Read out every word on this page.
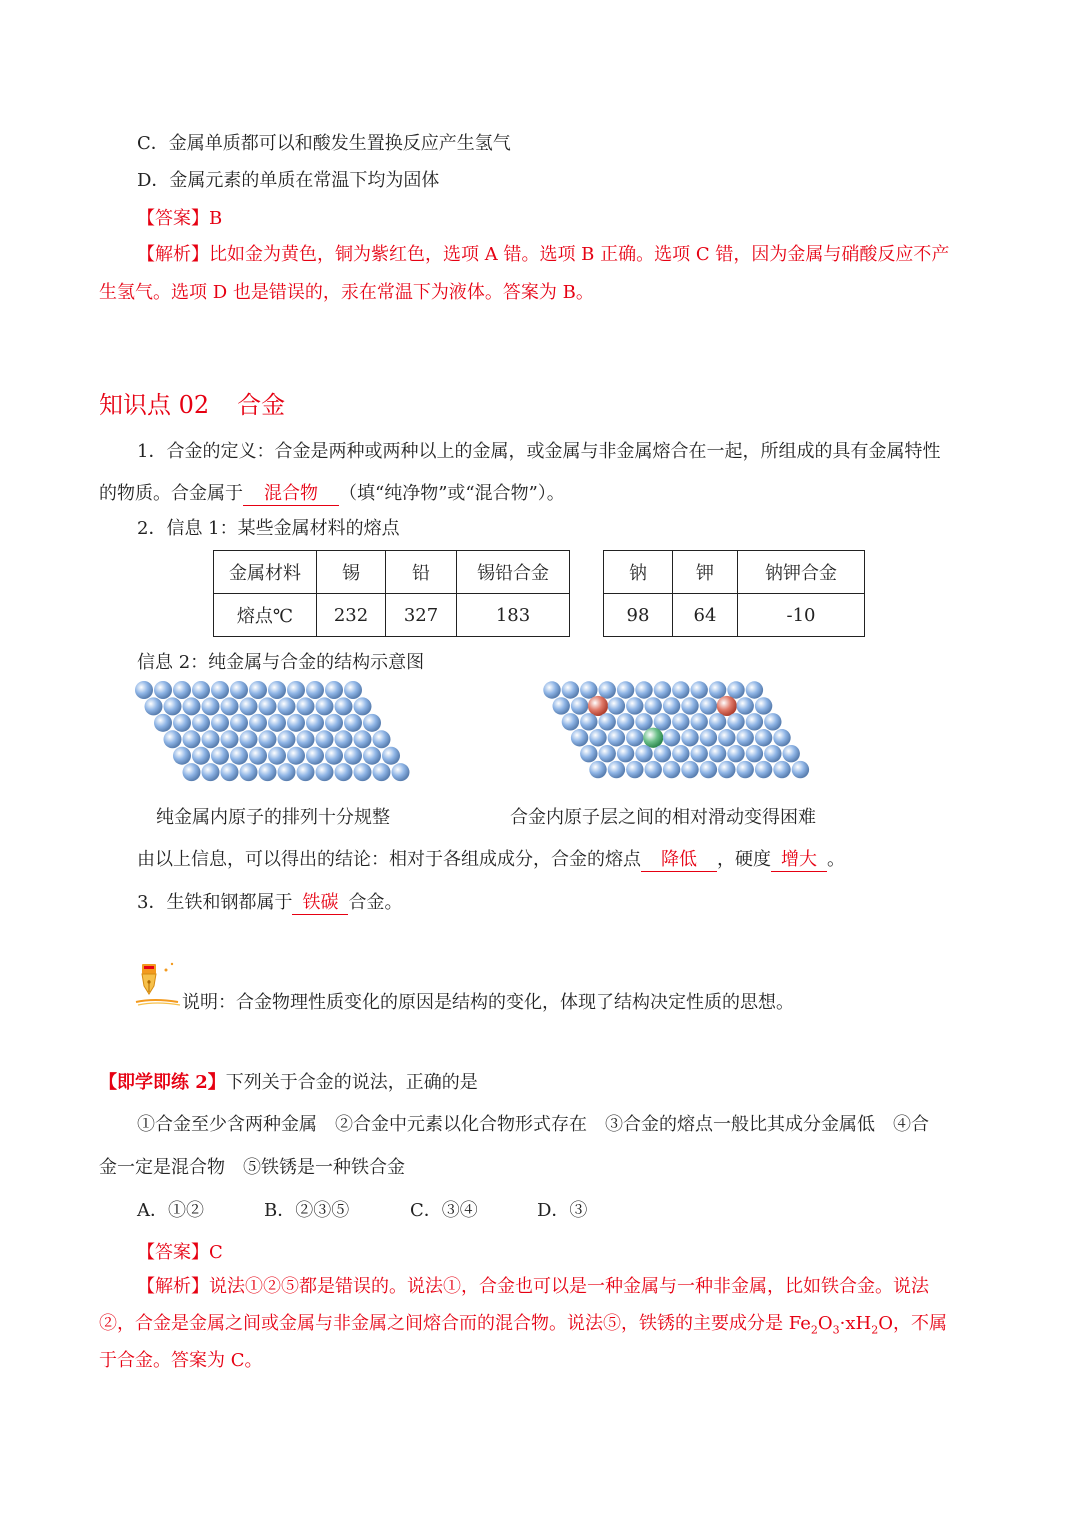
C．金属单质都可以和酸发生置换反应产生氢气
D．金属元素的单质在常温下均为固体
【答案】B
【解析】比如金为黄色，铜为紫红色，选项 A 错。选项 B 正确。选项 C 错，因为金属与硝酸反应不产
生氢气。选项 D 也是错误的，汞在常温下为液体。答案为 B。
知识点 02 合金
1．合金的定义：合金是两种或两种以上的金属，或金属与非金属熔合在一起，所组成的具有金属特性
的物质。合金属于 混合物 （填“纯净物”或“混合物”）。
2．信息 1：某些金属材料的熔点
金属材料	锡	铅	锡铅合金		钠	钾	钠钾合金
熔点℃	232	327	183		98	64	-10
信息 2：纯金属与合金的结构示意图
纯金属内原子的排列十分规整	合金内原子层之间的相对滑动变得困难
由以上信息，可以得出的结论：相对于各组成成分，合金的熔点 降低 ，硬度 增大 。
3．生铁和钢都属于 铁碳 合金。
说明：合金物理性质变化的原因是结构的变化，体现了结构决定性质的思想。
【即学即练 2】下列关于合金的说法，正确的是
①合金至少含两种金属　②合金中元素以化合物形式存在　③合金的熔点一般比其成分金属低　④合
金一定是混合物　⑤铁锈是一种铁合金
A．①②	B．②③⑤	C．③④	D．③
【答案】C
【解析】说法①②⑤都是错误的。说法①，合金也可以是一种金属与一种非金属，比如铁合金。说法
②，合金是金属之间或金属与非金属之间熔合而的混合物。说法⑤，铁锈的主要成分是 $Fe_2O_3\cdot xH_2O$，不属
于合金。答案为 C。
